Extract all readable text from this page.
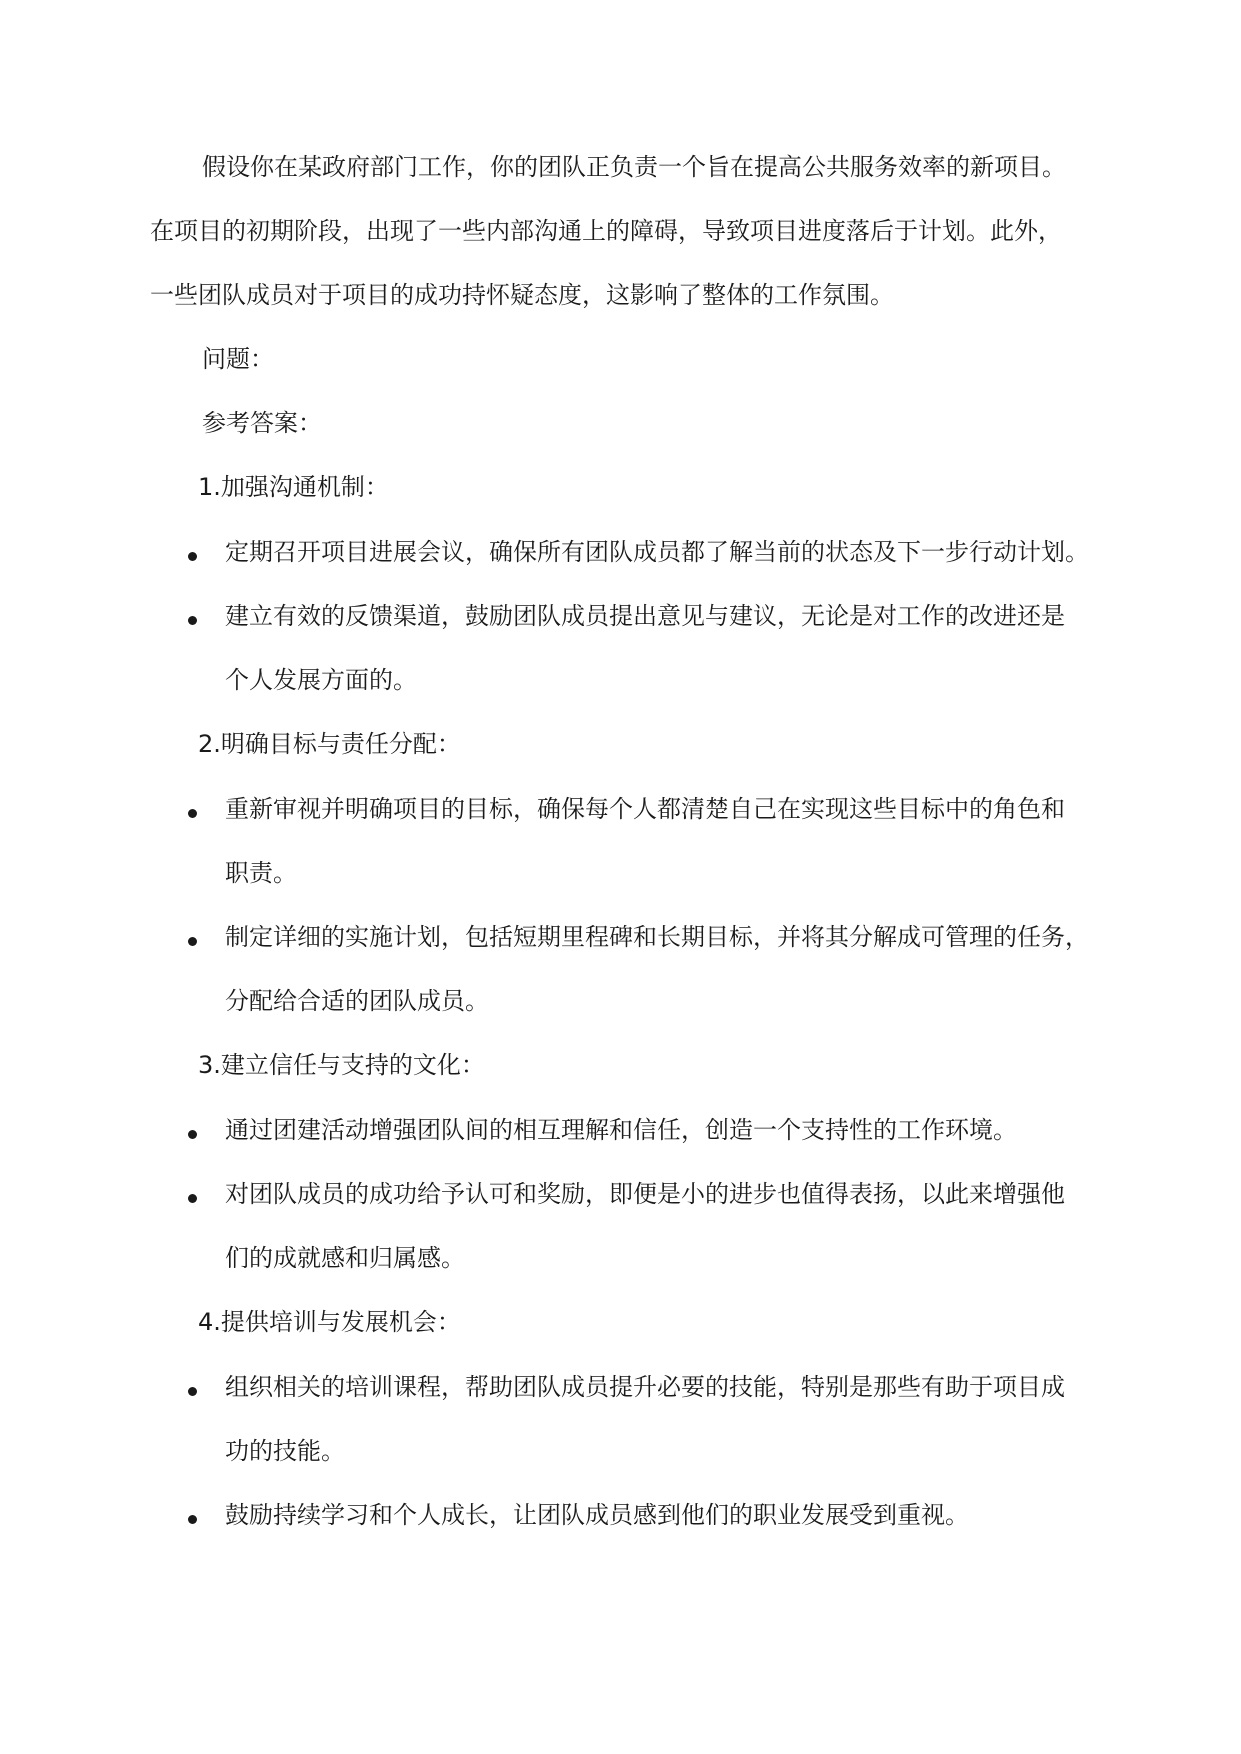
假设你在某政府部门工作，你的团队正负责一个旨在提高公共服务效率的新项目。
在项目的初期阶段，出现了一些内部沟通上的障碍，导致项目进度落后于计划。此外，
一些团队成员对于项目的成功持怀疑态度，这影响了整体的工作氛围。
问题：
参考答案：
1.加强沟通机制：
定期召开项目进展会议，确保所有团队成员都了解当前的状态及下一步行动计划。
建立有效的反馈渠道，鼓励团队成员提出意见与建议，无论是对工作的改进还是
个人发展方面的。
2.明确目标与责任分配：
重新审视并明确项目的目标，确保每个人都清楚自己在实现这些目标中的角色和
职责。
制定详细的实施计划，包括短期里程碑和长期目标，并将其分解成可管理的任务，
分配给合适的团队成员。
3.建立信任与支持的文化：
通过团建活动增强团队间的相互理解和信任，创造一个支持性的工作环境。
对团队成员的成功给予认可和奖励，即便是小的进步也值得表扬，以此来增强他
们的成就感和归属感。
4.提供培训与发展机会：
组织相关的培训课程，帮助团队成员提升必要的技能，特别是那些有助于项目成
功的技能。
鼓励持续学习和个人成长，让团队成员感到他们的职业发展受到重视。
